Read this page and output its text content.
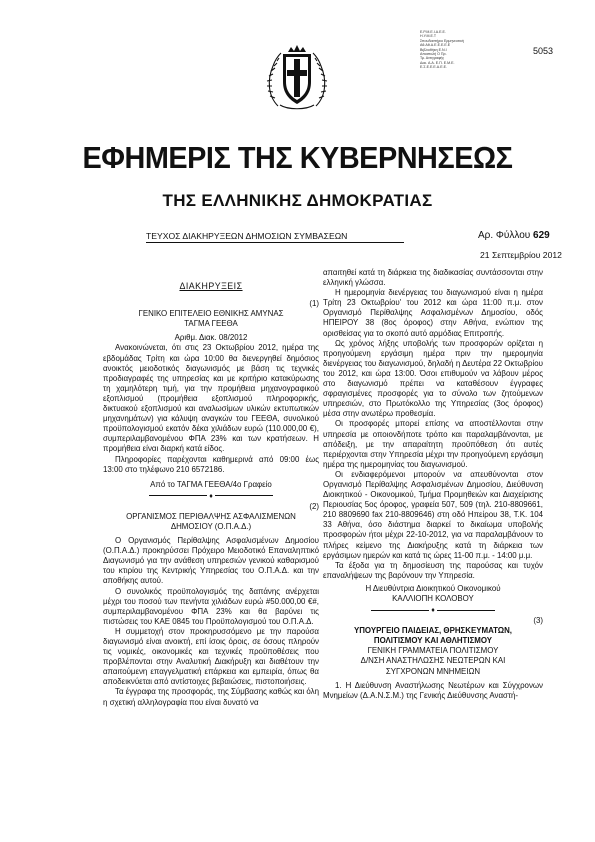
Ε.Ρ.Μ.Ε.Ι.Α.Ε.Ε.
Η.Υ.Μ.Ε.Τ
Σπουδαστήριο Ερμηνευτική
Αθ.Αθ.Α.Ε.Ε.Ε.Ε.Ε
Βιβλιοθήκη Ε.Ν.Ι
Αποστολή Ο Πρ.
Τμ. Αντιγραφής
Δοκ. Α.Α. Ε.Π. Ε.Μ.Ε.
Ε.Σ.Ε.Ε.Ε.Α.Ε.Ε.
5053
ΕΦΗΜΕΡΙΣ ΤΗΣ ΚΥΒΕΡΝΗΣΕΩΣ
ΤΗΣ ΕΛΛΗΝΙΚΗΣ ΔΗΜΟΚΡΑΤΙΑΣ
ΤΕΥΧΟΣ ΔΙΑΚΗΡΥΞΕΩΝ ΔΗΜΟΣΙΩΝ ΣΥΜΒΑΣΕΩΝ	Αρ. Φύλλου 629
21 Σεπτεμβρίου 2012

ΔΙΑΚΗΡΥΞΕΙΣ

(1)

ΓΕΝΙΚΟ ΕΠΙΤΕΛΕΙΟ ΕΘΝΙΚΗΣ ΑΜΥΝΑΣ

ΤΑΓΜΑ ΓΕΕΘΑ

Αριθμ. Διακ. 08/2012

Ανακοινώνεται, ότι στις 23 Οκτωβρίου 2012, ημέρα της εβδομάδας Τρίτη και ώρα 10:00 θα διενεργηθεί δημόσιος ανοικτός μειοδοτικός διαγωνισμός με βάση τις τεχνικές προδιαγραφές της υπηρεσίας και με κριτήριο κατακύρωσης τη χαμηλότερη τιμή, για την προμήθεια μηχανογραφικού εξοπλισμού (προμήθεια εξοπλισμού πληροφορικής, δικτυακού εξοπλισμού και αναλωσίμων υλικών εκτυπωτικών μηχανημάτων) για κάλυψη αναγκών του ΓΕΕΘΑ, συνολικού προϋπολογισμού εκατόν δέκα χιλιάδων ευρώ (110.000,00 €), συμπεριλαμβανομένου ΦΠΑ 23% και των κρατήσεων. Η προμήθεια είναι διαρκή κατά είδος.

Πληροφορίες παρέχονται καθημερινά από 09:00 έως 13:00 στο τηλέφωνο 210 6572186.

Από το ΤΑΓΜΑ ΓΕΕΘΑ/4ο Γραφείο

♦

(2)

ΟΡΓΑΝΙΣΜΟΣ ΠΕΡΙΘΑΛΨΗΣ ΑΣΦΑΛΙΣΜΕΝΩΝ

ΔΗΜΟΣΙΟΥ (Ο.Π.Α.Δ.)

Ο Οργανισμός Περίθαλψης Ασφαλισμένων Δημοσίου (Ο.Π.Α.Δ.) προκηρύσσει Πρόχειρο Μειοδοτικό Επαναληπτικό Διαγωνισμό για την ανάθεση υπηρεσιών γενικού καθαρισμού του κτιρίου της Κεντρικής Υπηρεσίας του Ο.Π.Α.Δ. και την αποθήκης αυτού.

Ο συνολικός προϋπολογισμός της δαπάνης ανέρχεται μέχρι του ποσού των πενήντα χιλιάδων ευρώ #50.000,00 €#, συμπεριλαμβανομένου ΦΠΑ 23% και θα βαρύνει τις πιστώσεις του ΚΑΕ 0845 του Προϋπολογισμού του Ο.Π.Α.Δ.

Η συμμετοχή στον προκηρυσσόμενο με την παρούσα διαγωνισμό είναι ανοικτή, επί ίσοις όροις, σε όσους πληρούν τις νομικές, οικονομικές και τεχνικές προϋποθέσεις που προβλέπονται στην Αναλυτική Διακήρυξη και διαθέτουν την απαιτούμενη επαγγελματική επάρκεια και εμπειρία, όπως θα αποδεικνύεται από αντίστοιχες βεβαιώσεις, πιστοποιήσεις.

Τα έγγραφα της προσφοράς, της Σύμβασης καθώς και όλη η σχετική αλληλογραφία που είναι δυνατό να

απαιτηθεί κατά τη διάρκεια της διαδικασίας συντάσσονται στην ελληνική γλώσσα.

Η ημερομηνία διενέργειας του διαγωνισμού είναι η ημέρα Τρίτη 23 Οκτωβρίου' του 2012 και ώρα 11:00 π.μ. στον Οργανισμό Περίθαλψης Ασφαλισμένων Δημοσίου, οδός ΗΠΕΙΡΟΥ 38 (8ος όροφος) στην Αθήνα, ενώπιον της ορισθείσας για το σκοπό αυτό αρμόδιας Επιτροπής.

Ως χρόνος λήξης υποβολής των προσφορών ορίζεται η προηγούμενη εργάσιμη ημέρα πριν την ημερομηνία διενέργειας του διαγωνισμού, δηλαδή η Δευτέρα 22 Οκτωβρίου του 2012, και ώρα 13:00. Όσοι επιθυμούν να λάβουν μέρος στο διαγωνισμό πρέπει να καταθέσουν έγγραφες σφραγισμένες προσφορές για το σύνολο των ζητούμενων υπηρεσιών, στο Πρωτόκολλο της Υπηρεσίας (3ος όροφος) μέσα στην ανωτέρω προθεσμία.

Οι προσφορές μπορεί επίσης να αποστέλλονται στην υπηρεσία με οποιονδήποτε τρόπο και παραλαμβάνονται, με απόδειξη, με την απαραίτητη προϋπόθεση ότι αυτές περιέρχονται στην Υπηρεσία μέχρι την προηγούμενη εργάσιμη ημέρα της ημερομηνίας του διαγωνισμού.

Οι ενδιαφερόμενοι μπορούν να απευθύνονται στον Οργανισμό Περίθαλψης Ασφαλισμένων Δημοσίου, Διεύθυνση Διοικητικού - Οικονομικού, Τμήμα Προμηθειών και Διαχείρισης Περιουσίας 5ος όροφος, γραφεία 507, 509 (τηλ. 210-8809661, 210 8809690 fax 210-8809646) στη οδό Ηπείρου 38, Τ.Κ. 104 33 Αθήνα, όσο διάστημα διαρκεί το δικαίωμα υποβολής προσφορών ήτοι μέχρι 22-10-2012, για να παραλαμβάνουν το πλήρες κείμενο της Διακήρυξης κατά τη διάρκεια των εργάσιμων ημερών και κατά τις ώρες 11-00 π.μ. - 14:00 μ.μ.

Τα έξοδα για τη δημοσίευση της παρούσας και τυχόν επαναλήψεων της βαρύνουν την Υπηρεσία.

Η Διευθύντρια Διοικητικού Οικονομικού

ΚΑΛΛΙΟΠΗ ΚΟΛΟΒΟΥ

♦

(3)

ΥΠΟΥΡΓΕΙΟ ΠΑΙΔΕΙΑΣ, ΘΡΗΣΚΕΥΜΑΤΩΝ,

ΠΟΛΙΤΙΣΜΟΥ ΚΑΙ ΑΘΛΗΤΙΣΜΟΥ

ΓΕΝΙΚΗ ΓΡΑΜΜΑΤΕΙΑ ΠΟΛΙΤΙΣΜΟΥ

Δ/ΝΣΗ ΑΝΑΣΤΗΛΩΣΗΣ ΝΕΩΤΕΡΩΝ ΚΑΙ

ΣΥΓΧΡΟΝΩΝ ΜΝΗΜΕΙΩΝ

1. Η Διεύθυνση Αναστήλωσης Νεωτέρων και Σύγχρονων Μνημείων (Δ.Α.Ν.Σ.Μ.) της Γενικής Διεύθυνσης Αναστή-
